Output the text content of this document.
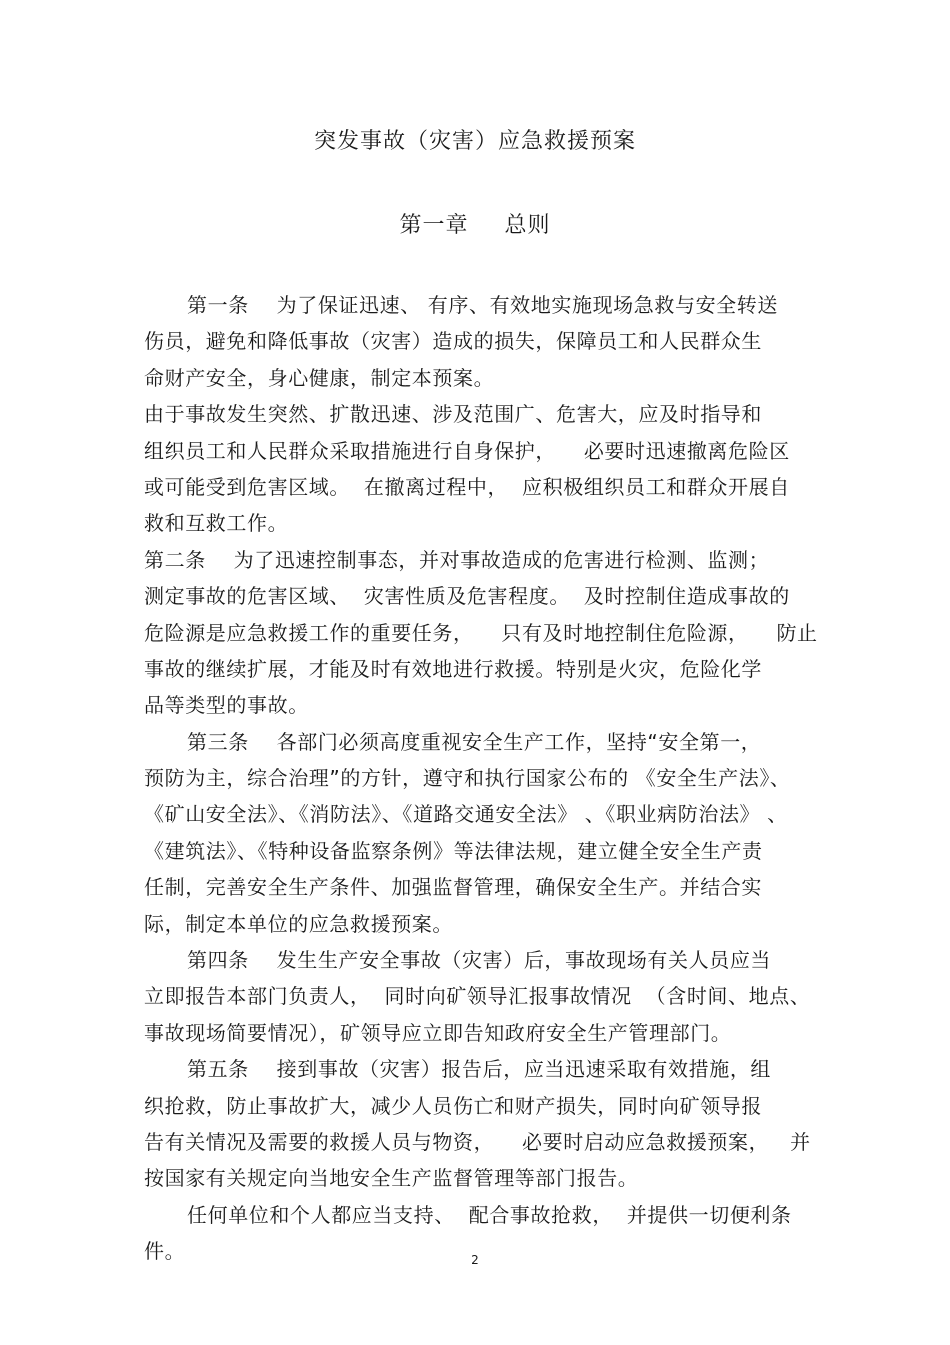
突发事故（灾害）应急救援预案
第一章 总则
第一条    为了保证迅速、 有序、有效地实施现场急救与安全转送
伤员，避免和降低事故（灾害）造成的损失，保障员工和人民群众生
命财产安全，身心健康，制定本预案。
由于事故发生突然、扩散迅速、涉及范围广、危害大，应及时指导和
组织员工和人民群众采取措施进行自身保护，    必要时迅速撤离危险区
或可能受到危害区域。  在撤离过程中，  应积极组织员工和群众开展自
救和互救工作。
第二条    为了迅速控制事态，并对事故造成的危害进行检测、监测；
测定事故的危害区域、  灾害性质及危害程度。  及时控制住造成事故的
危险源是应急救援工作的重要任务，    只有及时地控制住危险源，    防止
事故的继续扩展，才能及时有效地进行救援。特别是火灾，危险化学
品等类型的事故。
第三条    各部门必须高度重视安全生产工作，坚持“安全第一，
预防为主，综合治理”的方针，遵守和执行国家公布的 《安全生产法》、
《矿山安全法》、《消防法》、《道路交通安全法》 、《职业病防治法》 、
《建筑法》、《特种设备监察条例》等法律法规，建立健全安全生产责
任制，完善安全生产条件、加强监督管理，确保安全生产。并结合实
际，制定本单位的应急救援预案。
第四条    发生生产安全事故（灾害）后，事故现场有关人员应当
立即报告本部门负责人，  同时向矿领导汇报事故情况  （含时间、地点、
事故现场简要情况），矿领导应立即告知政府安全生产管理部门。
第五条    接到事故（灾害）报告后，应当迅速采取有效措施，组
织抢救，防止事故扩大，减少人员伤亡和财产损失，同时向矿领导报
告有关情况及需要的救援人员与物资，    必要时启动应急救援预案，   并
按国家有关规定向当地安全生产监督管理等部门报告。
任何单位和个人都应当支持、  配合事故抢救，  并提供一切便利条
件。	2
